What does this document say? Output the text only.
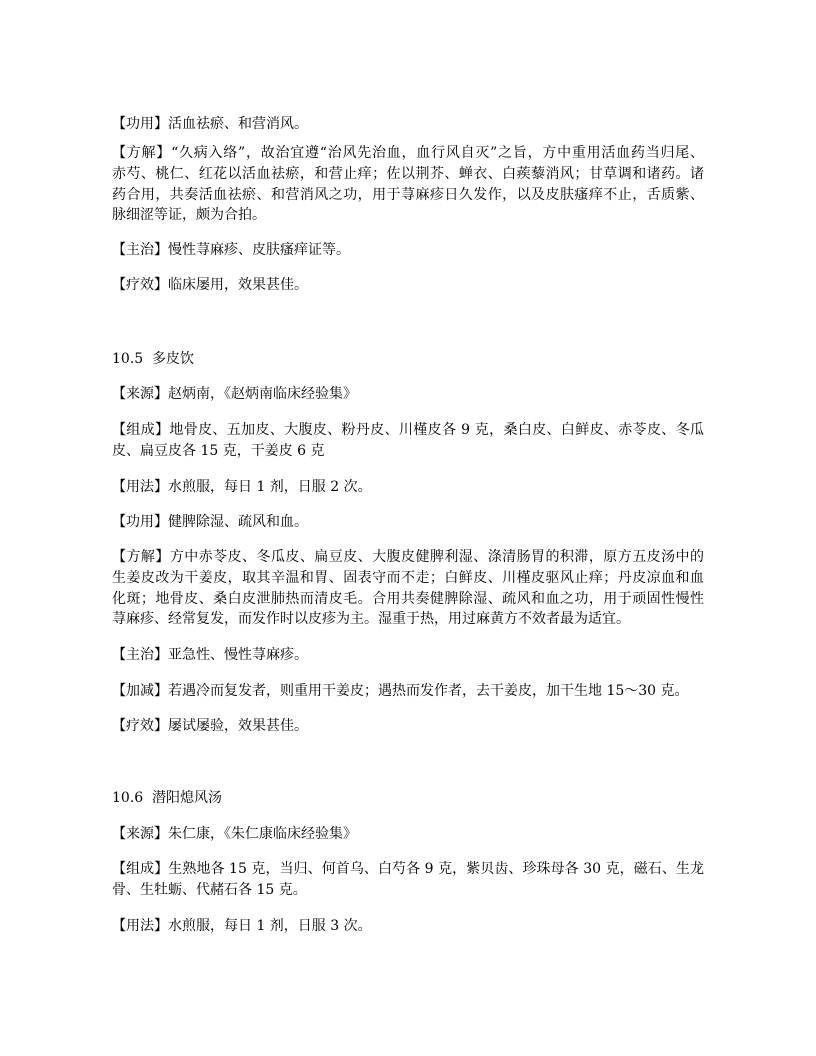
【功用】活血祛瘀、和营消风。
【方解】“久病入络”，故治宜遵“治风先治血，血行风自灭”之旨，方中重用活血药当归尾、
赤芍、桃仁、红花以活血祛瘀，和营止痒；佐以荆芥、蝉衣、白蒺藜消风；甘草调和诸药。诸
药合用，共奏活血祛瘀、和营消风之功，用于荨麻疹日久发作，以及皮肤瘙痒不止，舌质紫、
脉细涩等证，颇为合拍。
【主治】慢性荨麻疹、皮肤瘙痒证等。
【疗效】临床屡用，效果甚佳。
10.5 多皮饮
【来源】赵炳南，《赵炳南临床经验集》
【组成】地骨皮、五加皮、大腹皮、粉丹皮、川槿皮各 9 克，桑白皮、白鲜皮、赤苓皮、冬瓜
皮、扁豆皮各 15 克，干姜皮 6 克
【用法】水煎服，每日 1 剂，日服 2 次。
【功用】健脾除湿、疏风和血。
【方解】方中赤苓皮、冬瓜皮、扁豆皮、大腹皮健脾利湿、涤清肠胃的积滞，原方五皮汤中的
生姜皮改为干姜皮，取其辛温和胃、固表守而不走；白鲜皮、川槿皮驱风止痒；丹皮凉血和血
化斑；地骨皮、桑白皮泄肺热而清皮毛。合用共奏健脾除湿、疏风和血之功，用于顽固性慢性
荨麻疹、经常复发，而发作时以皮疹为主。湿重于热，用过麻黄方不效者最为适宜。
【主治】亚急性、慢性荨麻疹。
【加减】若遇冷而复发者，则重用干姜皮；遇热而发作者，去干姜皮，加干生地 15～30 克。
【疗效】屡试屡验，效果甚佳。
10.6 潜阳熄风汤
【来源】朱仁康，《朱仁康临床经验集》
【组成】生熟地各 15 克，当归、何首乌、白芍各 9 克，紫贝齿、珍珠母各 30 克，磁石、生龙
骨、生牡蛎、代赭石各 15 克。
【用法】水煎服，每日 1 剂，日服 3 次。
